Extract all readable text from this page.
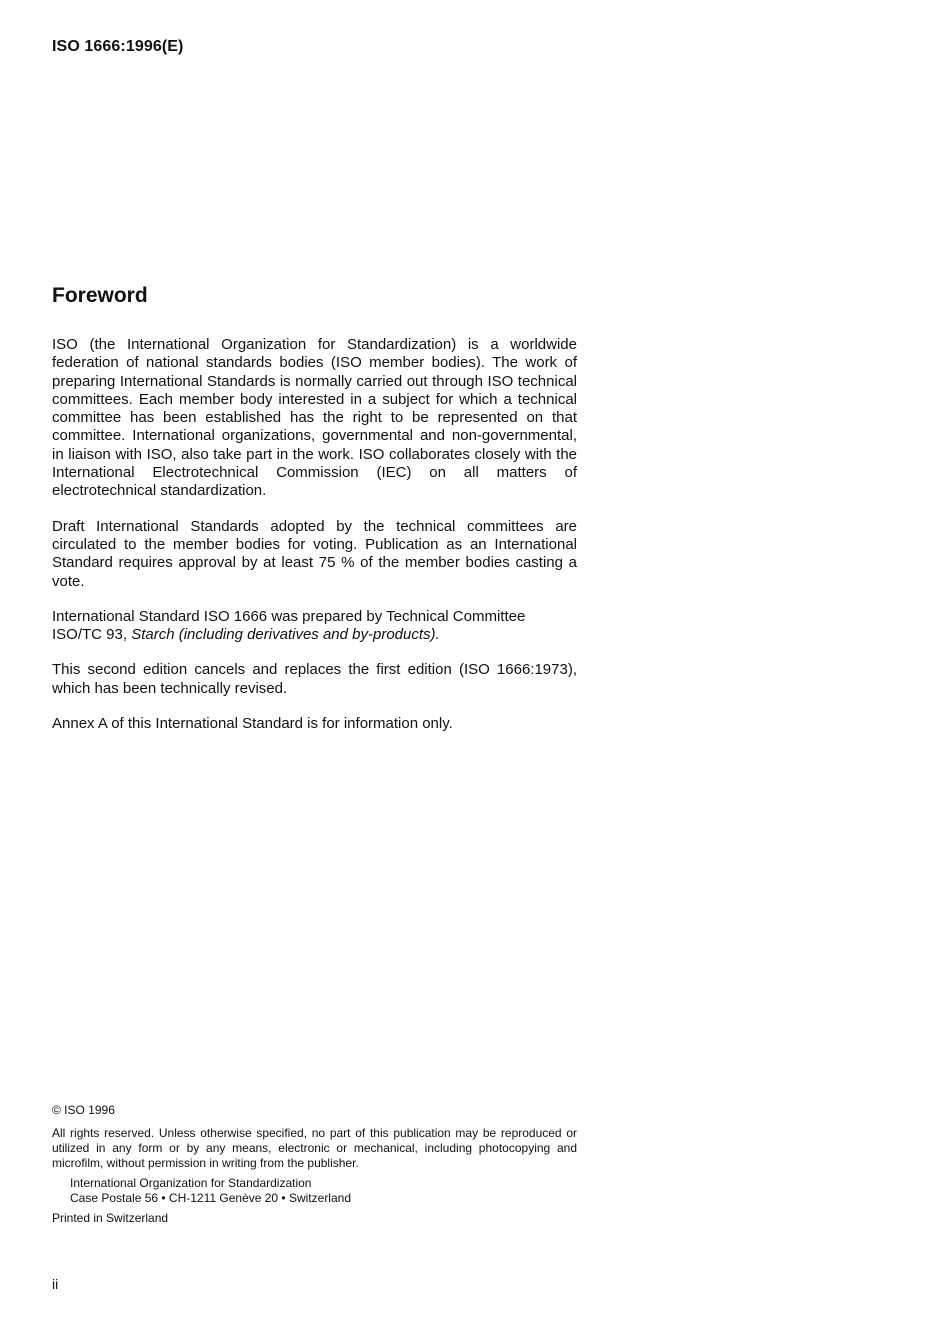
ISO 1666:1996(E)
Foreword

ISO (the International Organization for Standardization) is a worldwide federation of national standards bodies (ISO member bodies). The work of preparing International Standards is normally carried out through ISO technical committees. Each member body interested in a subject for which a technical committee has been established has the right to be represented on that committee. International organizations, governmental and non-governmental, in liaison with ISO, also take part in the work. ISO collaborates closely with the International Electrotechnical Commission (IEC) on all matters of electrotechnical standardization.

Draft International Standards adopted by the technical committees are circulated to the member bodies for voting. Publication as an International Standard requires approval by at least 75 % of the member bodies casting a vote.

International Standard ISO 1666 was prepared by Technical Committee ISO/TC 93, Starch (including derivatives and by-products).

This second edition cancels and replaces the first edition (ISO 1666:1973), which has been technically revised.

Annex A of this International Standard is for information only.

© ISO 1996
All rights reserved. Unless otherwise specified, no part of this publication may be reproduced or utilized in any form or by any means, electronic or mechanical, including photocopying and microfilm, without permission in writing from the publisher.
International Organization for Standardization
Case Postale 56 • CH-1211 Genève 20 • Switzerland
Printed in Switzerland
ii
